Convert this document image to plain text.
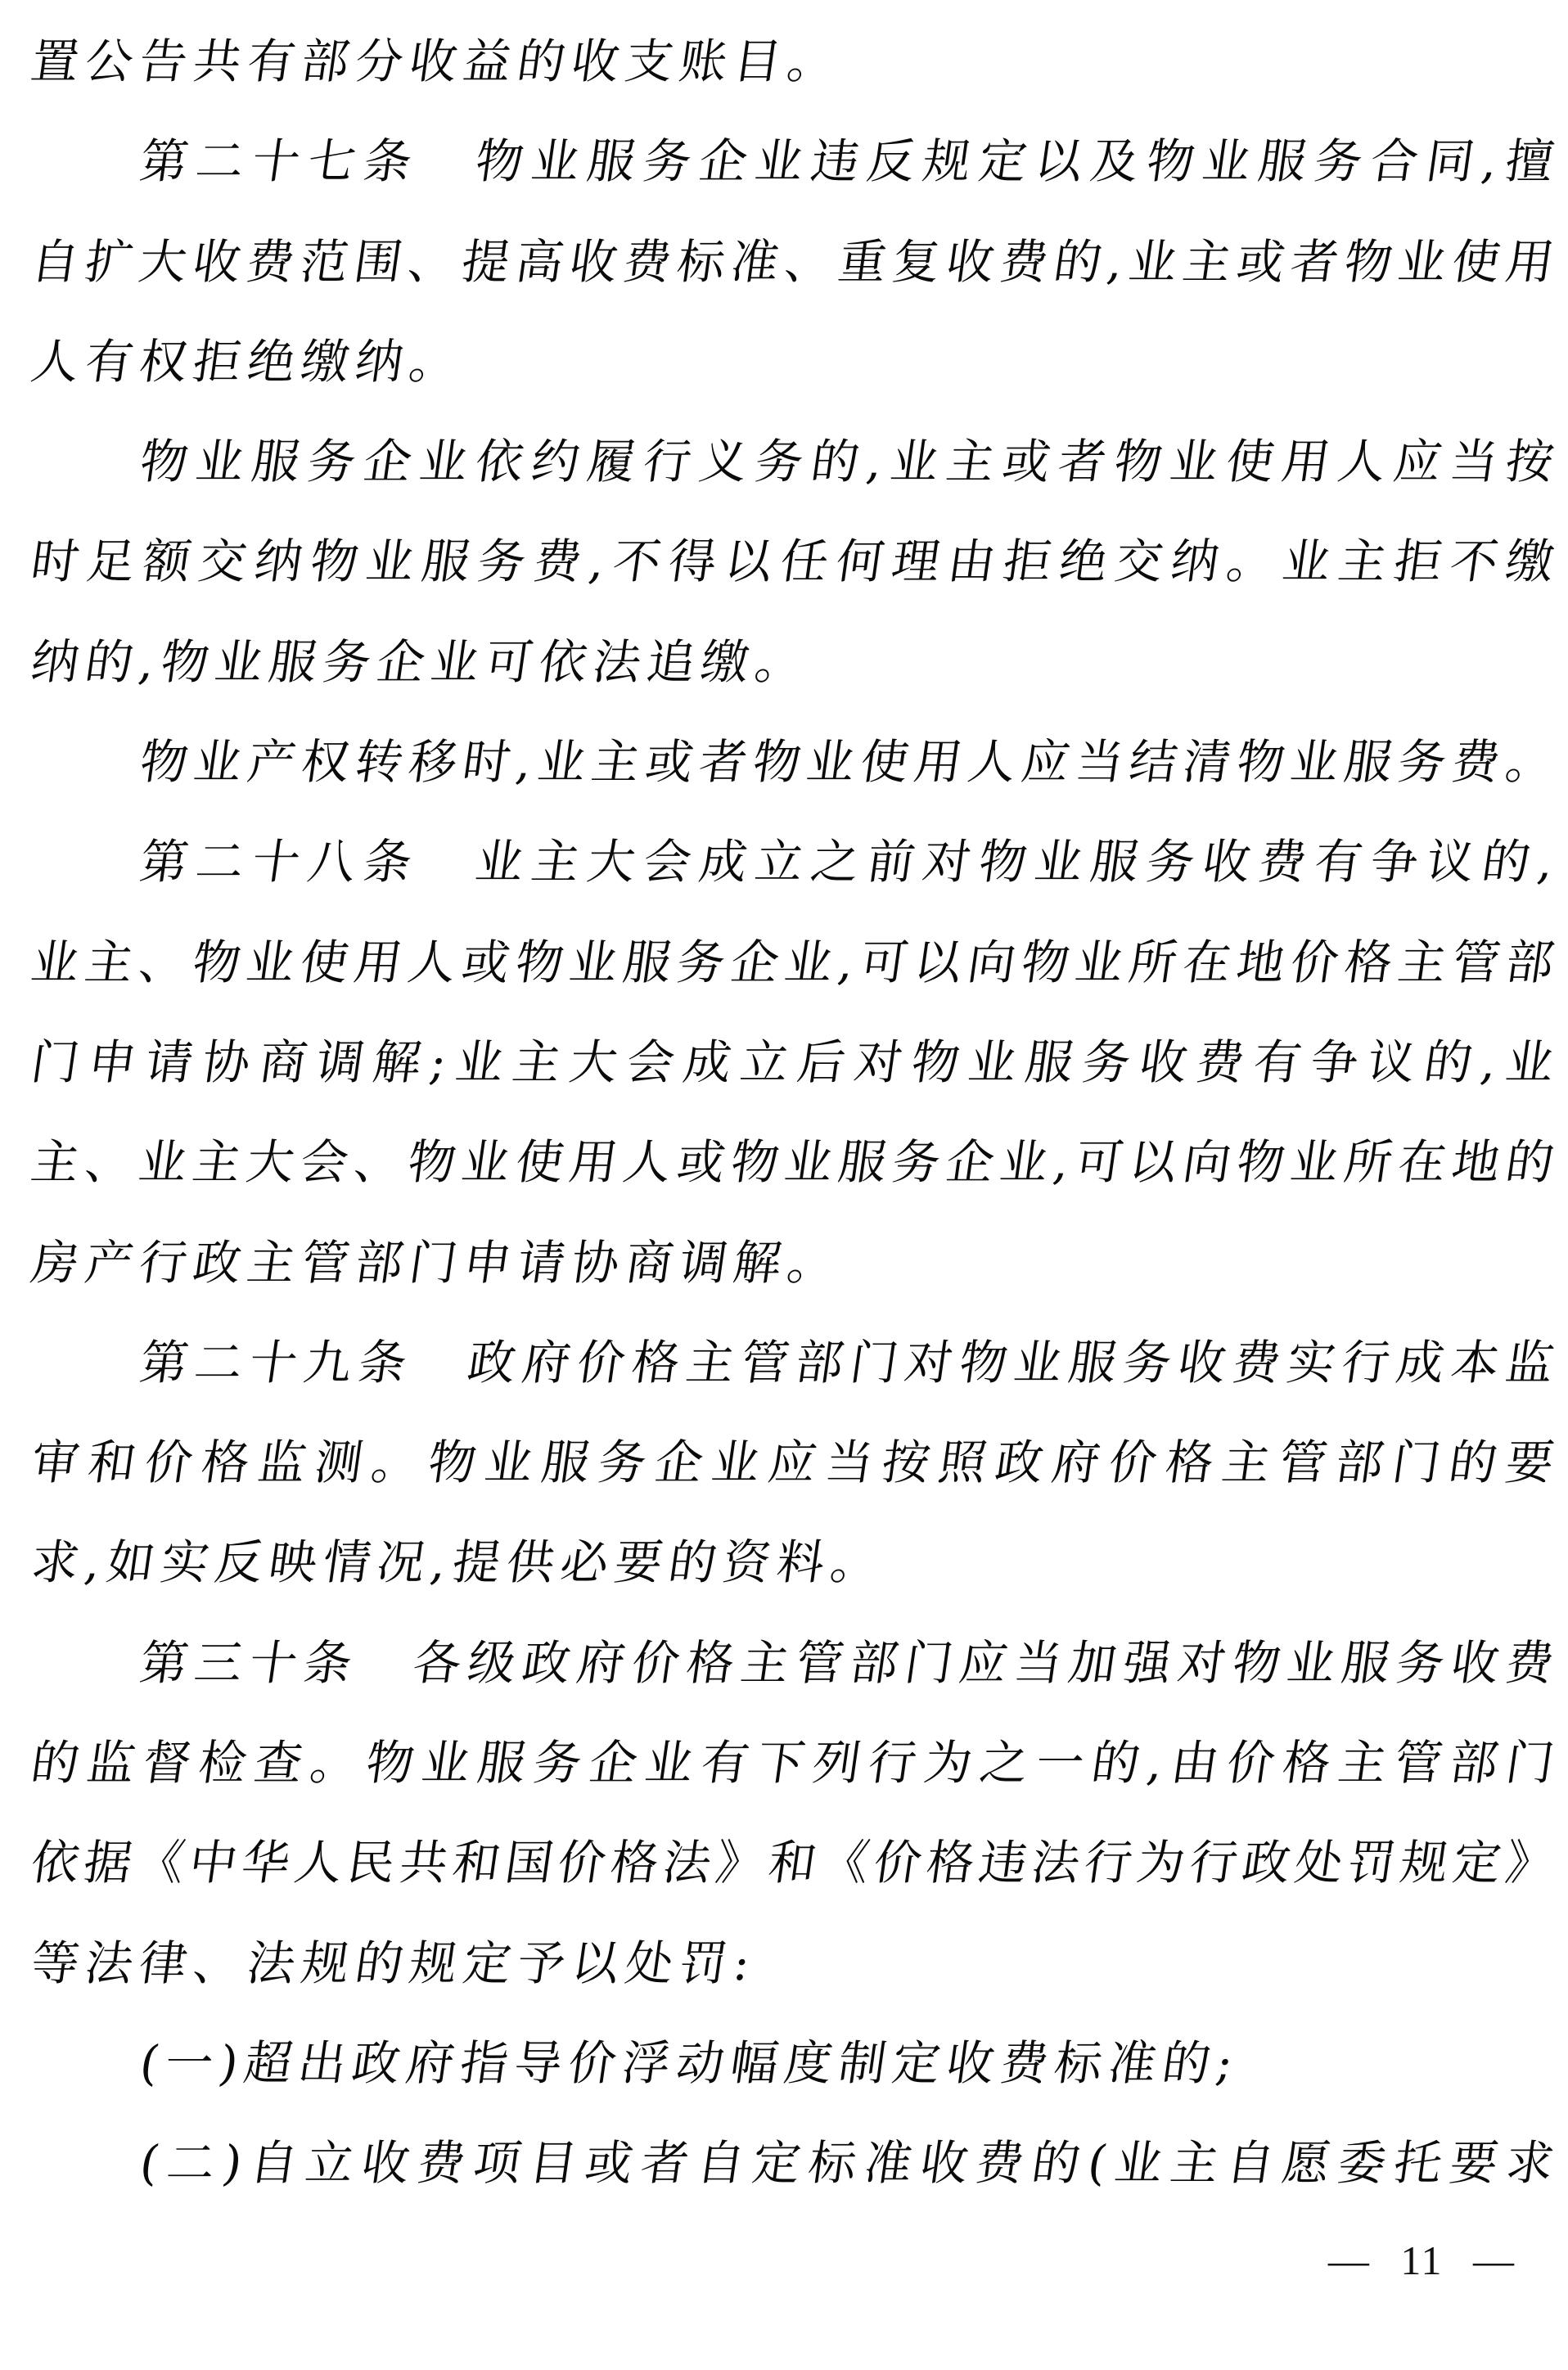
置公告共有部分收益的收支账目。
第 二 十 七 条
　 物 业 服 务 企 业 违 反 规 定 以 及 物 业 服 务 合 同 , 擅
自
扩
大
收
费
范
围
、
提
高
收
费
标
准
、
重
复
收
费
的
,
业
主
或
者
物
业
使
用
人有权拒绝缴纳。
物 业 服 务 企 业 依 约 履 行 义 务 的 , 业 主 或 者 物 业 使 用 人 应 当 按
时 足 额 交 纳 物 业 服 务 费 , 不 得 以 任 何 理 由 拒 绝 交 纳 。 业 主 拒 不 缴
纳的,物业服务企业可依法追缴。
物
业
产
权
转
移
时
,
业
主
或
者
物
业
使
用
人
应
当
结
清
物
业
服
务
费
。
第 二 十 八 条
　 业 主 大 会 成 立 之 前 对 物 业 服 务 收 费 有 争 议 的 ,
业
主
、
物
业
使
用
人
或
物
业
服
务
企
业
,
可
以
向
物
业
所
在
地
价
格
主
管
部
门 申 请 协 商 调 解 ; 业 主 大 会 成 立 后 对 物 业 服 务 收 费 有 争 议 的 , 业
主
、
业
主
大
会
、
物
业
使
用
人
或
物
业
服
务
企
业
,
可
以
向
物
业
所
在
地
的
房产行政主管部门申请协商调解。
第 二 十 九 条
　 政 府 价 格 主 管 部 门 对 物 业 服 务 收 费 实 行 成 本 监
审 和 价 格 监 测 。 物 业 服 务 企 业 应 当 按 照 政 府 价 格 主 管 部 门 的 要
求,如实反映情况,提供必要的资料。
第 三 十 条
　 各 级 政 府 价 格 主 管 部 门 应 当 加 强 对 物 业 服 务 收 费
的 监 督 检 查 。 物 业 服 务 企 业 有 下 列 行 为 之 一 的 , 由 价 格 主 管 部 门
依
据
《
中
华
人
民
共
和
国
价
格
法
》
和
《
价
格
违
法
行
为
行
政
处
罚
规
定
》
等法律、法规的规定予以处罚:
(一)超出政府指导价浮动幅度制定收费标准的;
( 二 ) 自 立 收 费 项 目 或 者 自 定 标 准 收 费 的 ( 业 主 自 愿 委 托 要 求
— 11 —
